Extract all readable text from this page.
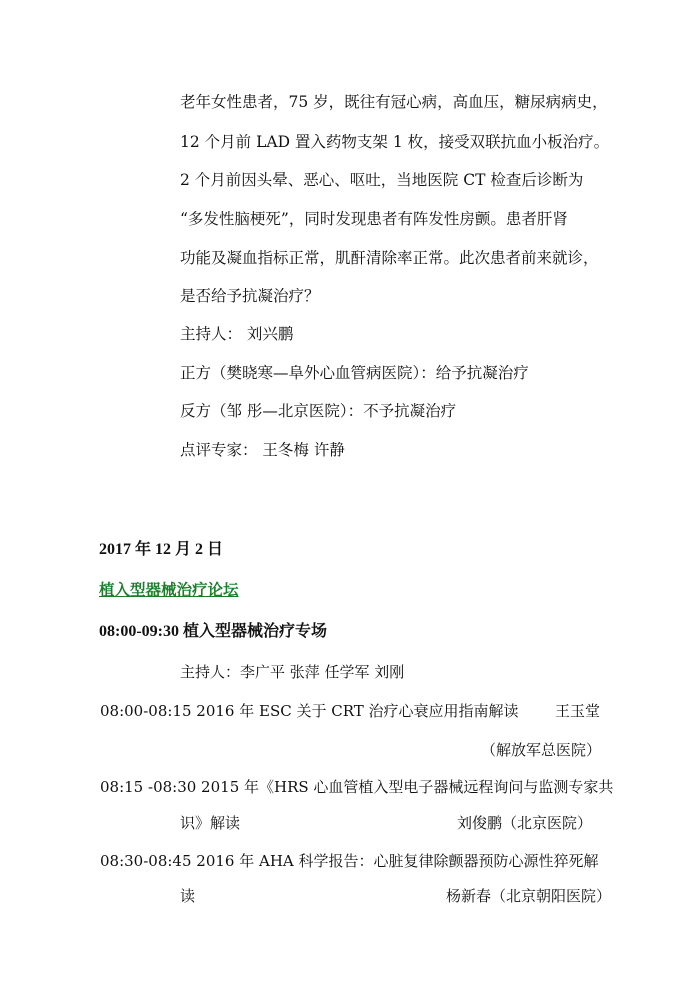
老年女性患者，75 岁，既往有冠心病，高血压，糖尿病病史，
12 个月前 LAD 置入药物支架 1 枚，接受双联抗血小板治疗。
2 个月前因头晕、恶心、呕吐，当地医院 CT 检查后诊断为
“多发性脑梗死”，同时发现患者有阵发性房颤。患者肝肾
功能及凝血指标正常，肌酐清除率正常。此次患者前来就诊，
是否给予抗凝治疗？
主持人： 刘兴鹏
正方（樊晓寒—阜外心血管病医院）：给予抗凝治疗
反方（邹 彤—北京医院）：不予抗凝治疗
点评专家： 王冬梅 许静
2017 年 12 月 2 日
植入型器械治疗论坛
08:00-09:30 植入型器械治疗专场
主持人：李广平 张萍 任学军 刘刚
08:00-08:15 2016 年 ESC 关于 CRT 治疗心衰应用指南解读 王玉堂
（解放军总医院）
08:15 -08:30 2015 年《HRS 心血管植入型电子器械远程询问与监测专家共
识》解读	刘俊鹏（北京医院）
08:30-08:45 2016 年 AHA 科学报告：心脏复律除颤器预防心源性猝死解
读	杨新春（北京朝阳医院）
